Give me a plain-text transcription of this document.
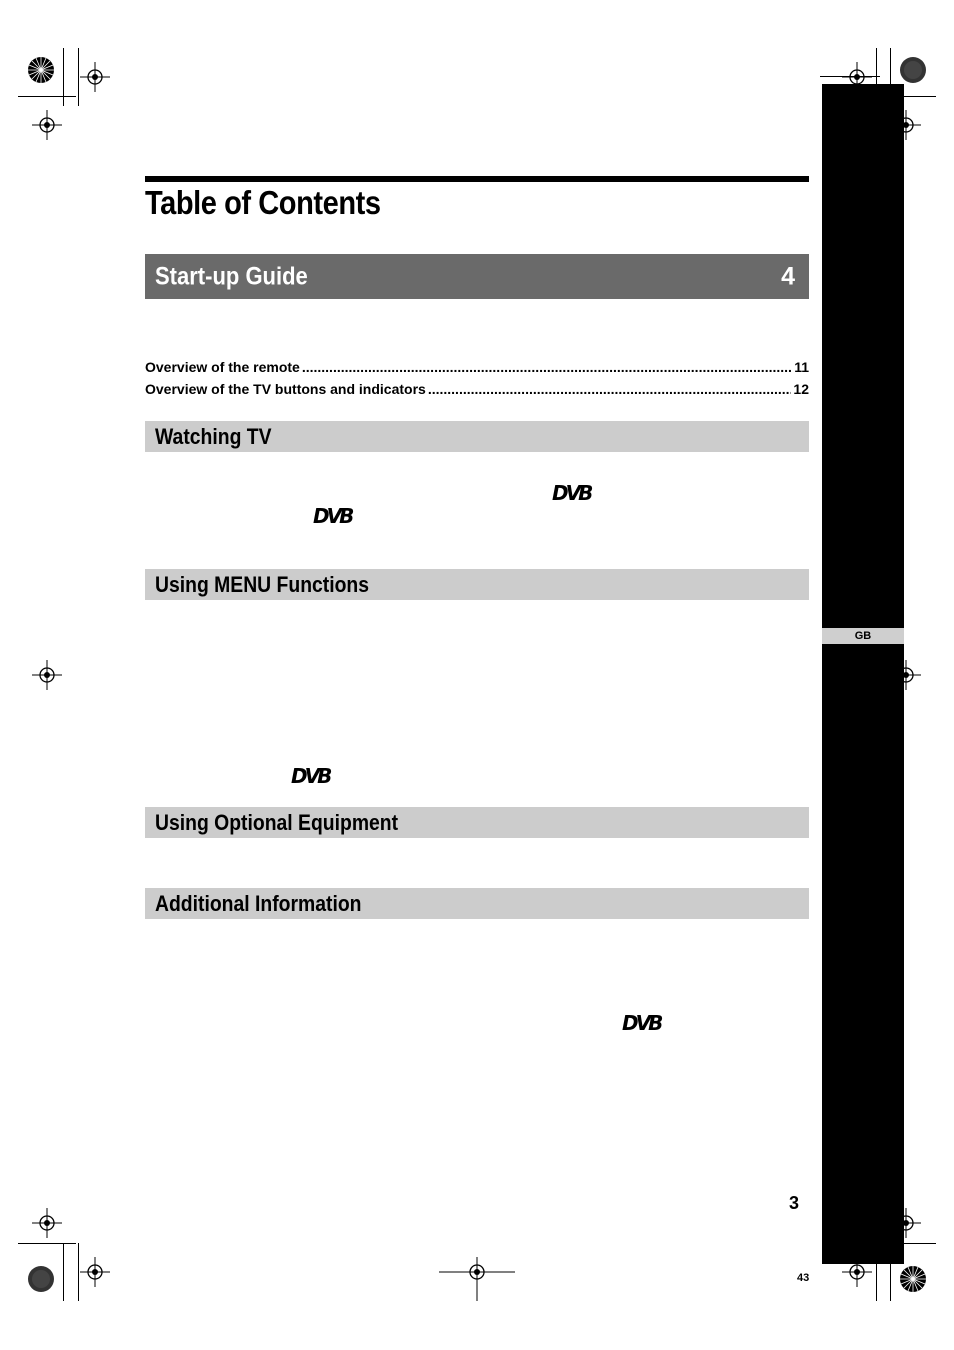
GB
Table of Contents
Start-up Guide	4
Overview of the remote .....	11
Overview of the TV buttons and indicators .....	12
Watching TV
DVB
DVB
Using MENU Functions
DVB
Using Optional Equipment
Additional Information
DVB
3
43
